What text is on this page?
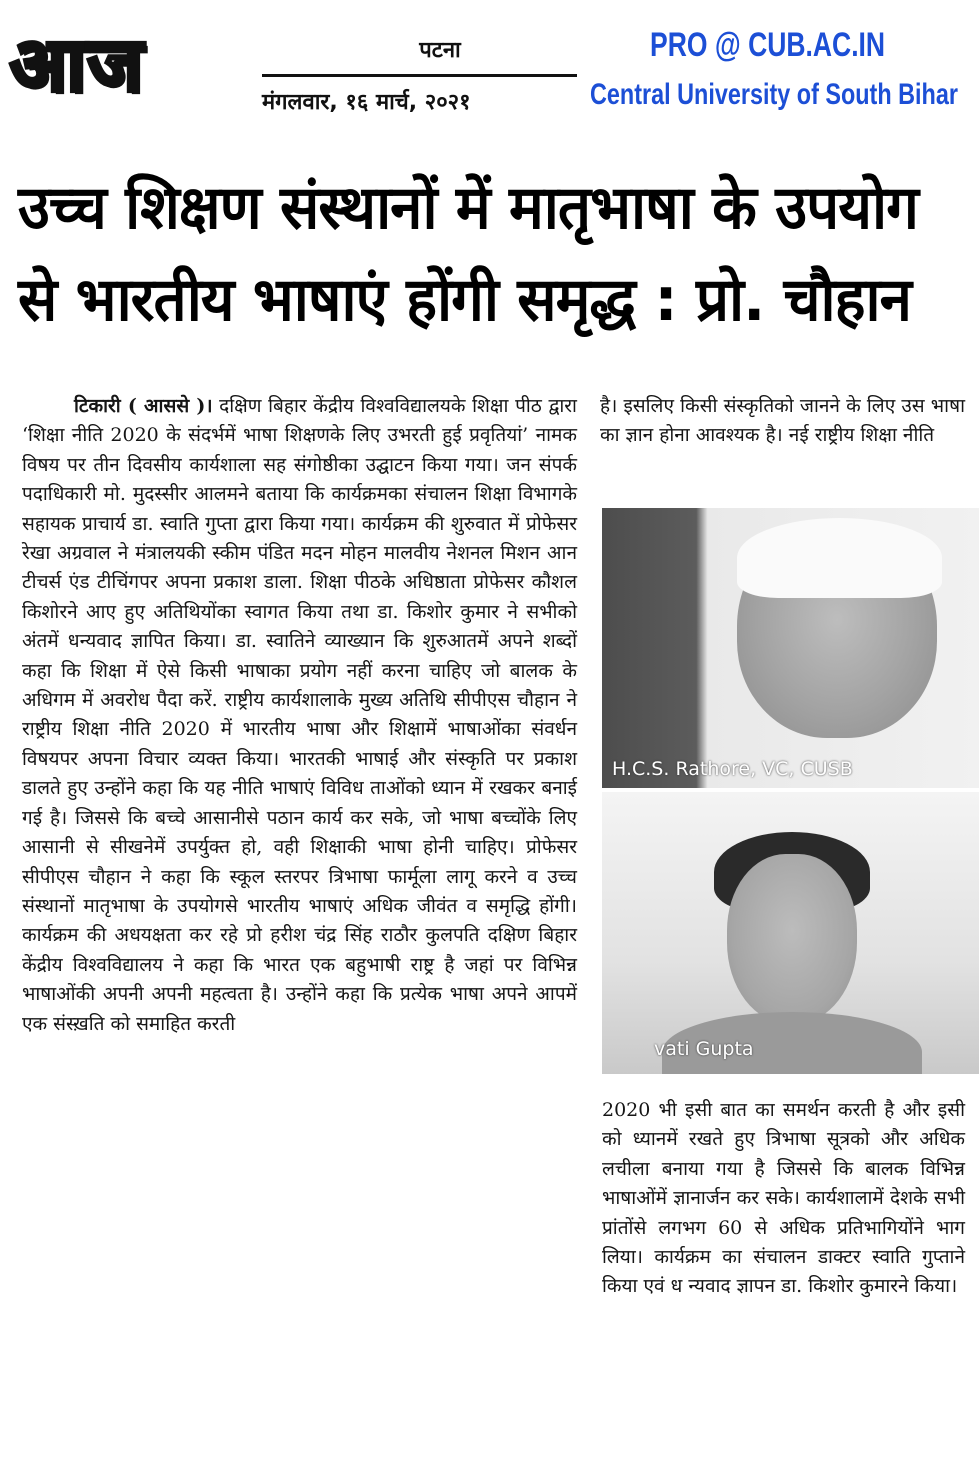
आज	पटना
मंगलवार, १६ मार्च, २०२१
PRO @ CUB.AC.IN
Central University of South Bihar
उच्च शिक्षण संस्थानों में मातृभाषा के उपयोग
से भारतीय भाषाएं होंगी समृद्ध : प्रो. चौहान
टिकारी ( आससे )। दक्षिण बिहार केंद्रीय विश्वविद्यालयके शिक्षा पीठ द्वारा ‘शिक्षा नीति 2020 के संदर्भमें भाषा शिक्षणके लिए उभरती हुई प्रवृतियां’ नामक विषय पर तीन दिवसीय कार्यशाला सह संगोष्ठीका उद्घाटन किया गया। जन संपर्क पदाधिकारी मो. मुदस्सीर आलमने बताया कि कार्यक्रमका संचालन शिक्षा विभागके सहायक प्राचार्य डा. स्वाति गुप्ता द्वारा किया गया। कार्यक्रम की शुरुवात में प्रोफेसर रेखा अग्रवाल ने मंत्रालयकी स्कीम पंडित मदन मोहन मालवीय नेशनल मिशन आन टीचर्स एंड टीचिंगपर अपना प्रकाश डाला. शिक्षा पीठके अधिष्ठाता प्रोफेसर कौशल किशोरने आए हुए अतिथियोंका स्वागत किया तथा डा. किशोर कुमार ने सभीको अंतमें धन्यवाद ज्ञापित किया। डा. स्वातिने व्याख्यान कि शुरुआतमें अपने शब्दों कहा कि शिक्षा में ऐसे किसी भाषाका प्रयोग नहीं करना चाहिए जो बालक के अधिगम में अवरोध पैदा करें. राष्ट्रीय कार्यशालाके मुख्य अतिथि सीपीएस चौहान ने राष्ट्रीय शिक्षा नीति 2020 में भारतीय भाषा और शिक्षामें भाषाओंका संवर्धन विषयपर अपना विचार व्यक्त किया। भारतकी भाषाई और संस्कृति पर प्रकाश डालते हुए उन्होंने कहा कि यह नीति भाषाएं विविध ताओंको ध्यान में रखकर बनाई गई है। जिससे कि बच्चे आसानीसे पठान कार्य कर सके, जो भाषा बच्चोंके लिए आसानी से सीखनेमें उपर्युक्त हो, वही शिक्षाकी भाषा होनी चाहिए। प्रोफेसर सीपीएस चौहान ने कहा कि स्कूल स्तरपर त्रिभाषा फार्मूला लागू करने व उच्च संस्थानों मातृभाषा के उपयोगसे भारतीय भाषाएं अधिक जीवंत व समृद्धि होंगी। कार्यक्रम की अधयक्षता कर रहे प्रो हरीश चंद्र सिंह राठौर कुलपति दक्षिण बिहार केंद्रीय विश्वविद्यालय ने कहा कि भारत एक बहुभाषी राष्ट्र है जहां पर विभिन्न भाषाओंकी अपनी अपनी महत्वता है। उन्होंने कहा कि प्रत्येक भाषा अपने आपमें एक संस्ख़ति को समाहित करती
है। इसलिए किसी संस्कृतिको जानने के लिए उस भाषा का ज्ञान होना आवश्यक है। नई राष्ट्रीय शिक्षा नीति
H.C.S. Rathore, VC, CUSB
vati Gupta
2020 भी इसी बात का समर्थन करती है और इसी को ध्यानमें रखते हुए त्रिभाषा सूत्रको और अधिक लचीला बनाया गया है जिससे कि बालक विभिन्न भाषाओंमें ज्ञानार्जन कर सके। कार्यशालामें देशके सभी प्रांतोंसे लगभग 60 से अधिक प्रतिभागियोंने भाग लिया। कार्यक्रम का संचालन डाक्टर स्वाति गुप्ताने किया एवं ध न्यवाद ज्ञापन डा. किशोर कुमारने किया।
